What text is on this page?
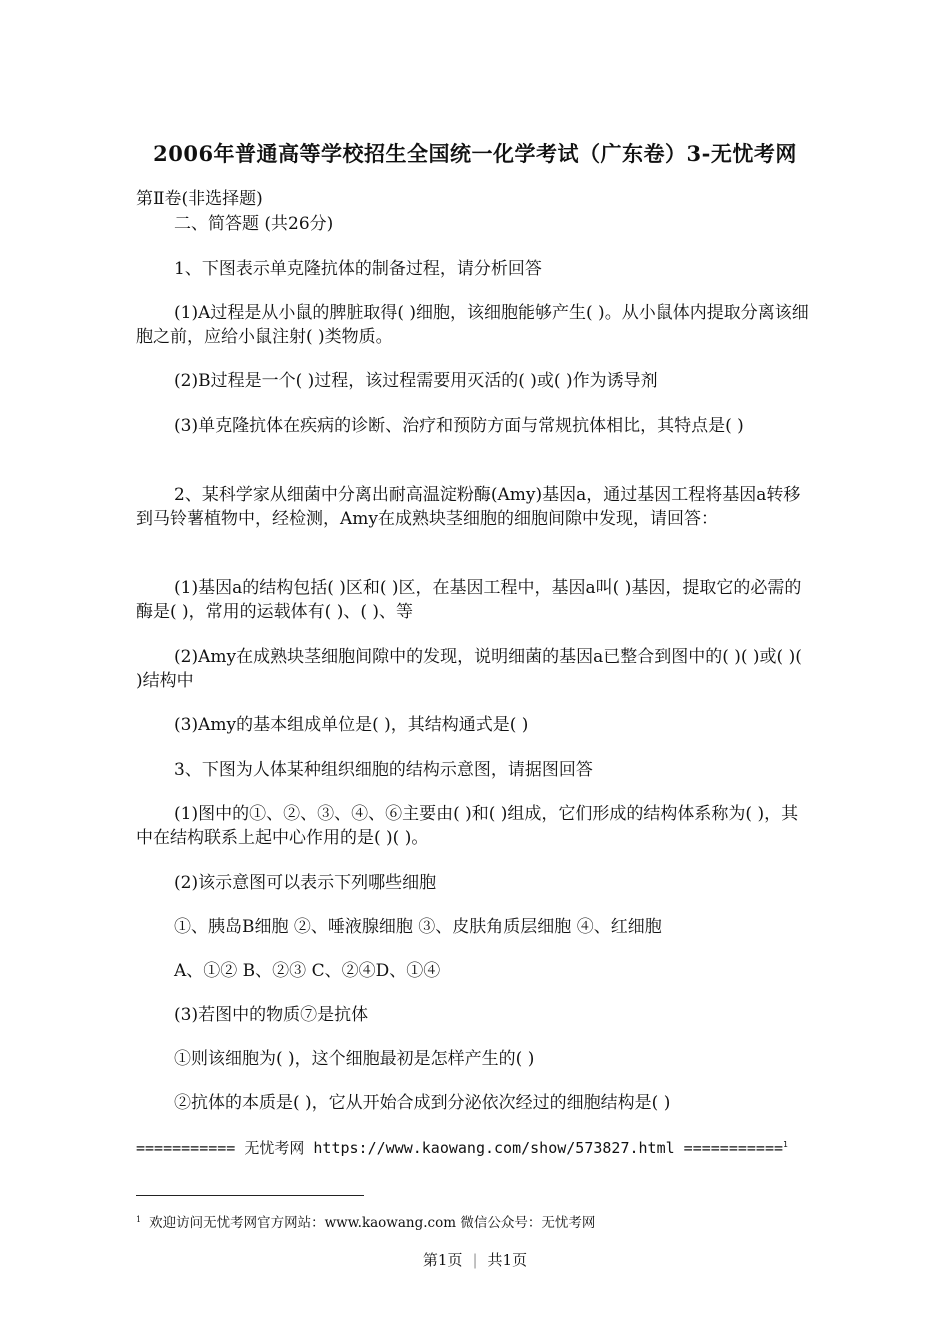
2006年普通高等学校招生全国统一化学考试（广东卷）3-无忧考网
第Ⅱ卷(非选择题)
二、简答题 (共26分)
1、下图表示单克隆抗体的制备过程，请分析回答
(1)A过程是从小鼠的脾脏取得( )细胞，该细胞能够产生( )。从小鼠体内提取分离该细胞之前，应给小鼠注射( )类物质。
(2)B过程是一个( )过程，该过程需要用灭活的( )或( )作为诱导剂
(3)单克隆抗体在疾病的诊断、治疗和预防方面与常规抗体相比，其特点是( )
2、某科学家从细菌中分离出耐高温淀粉酶(Amy)基因a，通过基因工程将基因a转移到马铃薯植物中，经检测，Amy在成熟块茎细胞的细胞间隙中发现，请回答：
(1)基因a的结构包括( )区和( )区，在基因工程中，基因a叫( )基因，提取它的必需的酶是( )，常用的运载体有( )、( )、等
(2)Amy在成熟块茎细胞间隙中的发现，说明细菌的基因a已整合到图中的( )( )或( )( )结构中
(3)Amy的基本组成单位是( )，其结构通式是( )
3、下图为人体某种组织细胞的结构示意图，请据图回答
(1)图中的①、②、③、④、⑥主要由( )和( )组成，它们形成的结构体系称为( )，其中在结构联系上起中心作用的是( )( )。
(2)该示意图可以表示下列哪些细胞
①、胰岛B细胞 ②、唾液腺细胞 ③、皮肤角质层细胞 ④、红细胞
A、①② B、②③ C、②④D、①④
(3)若图中的物质⑦是抗体
①则该细胞为( )，这个细胞最初是怎样产生的( )
②抗体的本质是( )，它从开始合成到分泌依次经过的细胞结构是( )
=========== 无忧考网 https://www.kaowang.com/show/573827.html ===========$^1$
$^1$ 欢迎访问无忧考网官方网站：www.kaowang.com 微信公众号：无忧考网
第1页 | 共1页
